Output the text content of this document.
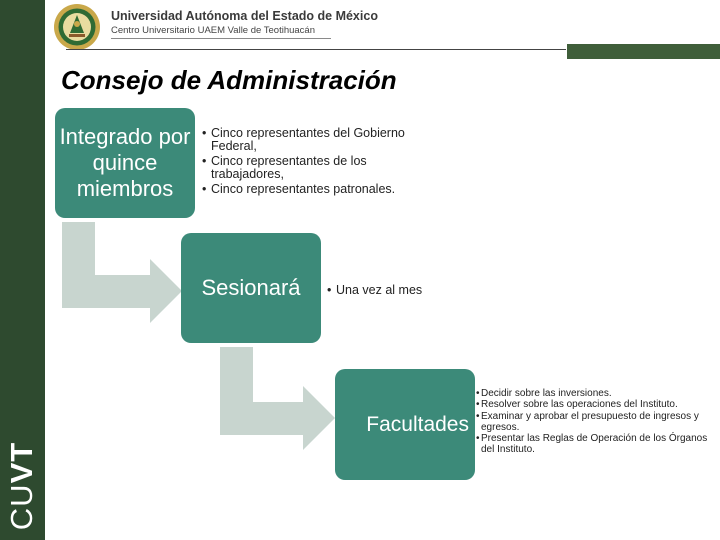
CUVT
Universidad Autónoma del Estado de México
Centro Universitario UAEM Valle de Teotihuacán
Consejo de Administración
Integrado por quince miembros
Sesionará
Facultades
• Cinco representantes del Gobierno Federal,
• Cinco representantes de los trabajadores,
• Cinco representantes patronales.
• Una vez al mes
• Decidir sobre las inversiones.
• Resolver sobre las operaciones del Instituto.
• Examinar y aprobar el presupuesto de ingresos y egresos.
• Presentar las Reglas de Operación de los Órganos del Instituto.
